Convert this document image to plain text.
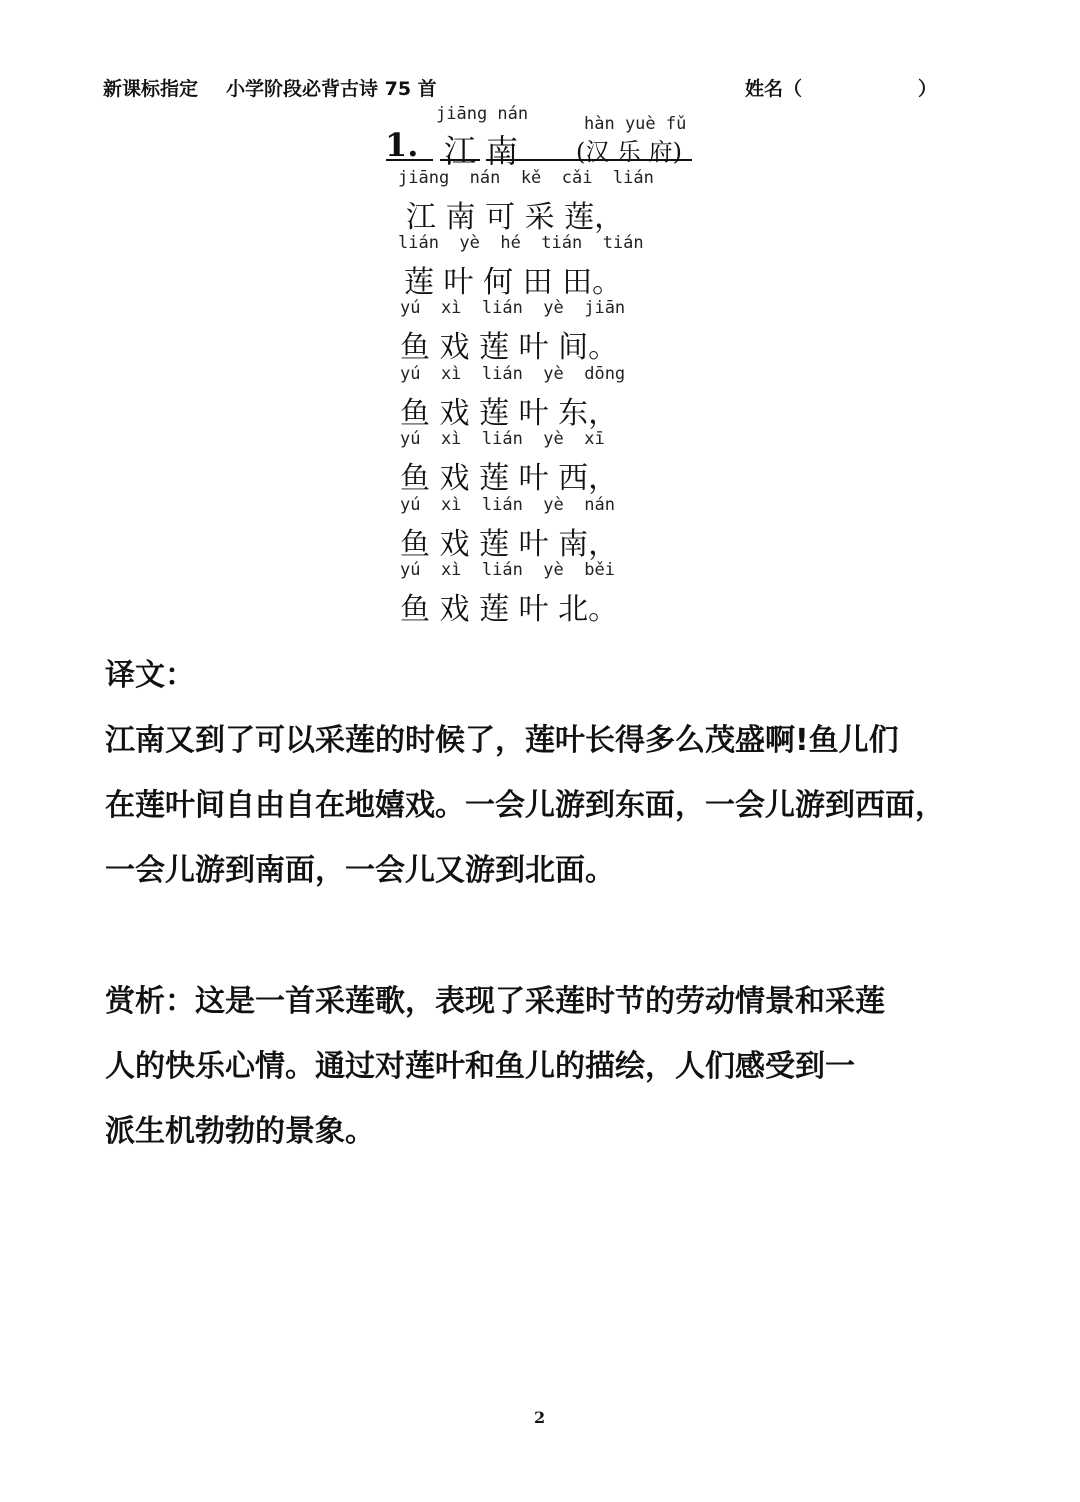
新课标指定 小学阶段必背古诗 75 首	姓名（	）
jiāng nán	hàn yuè fǔ
1. 江 南 (汉 乐 府)
jiāng  nán  kě  cǎi  lián
江 南 可 采 莲，
lián  yè  hé  tián  tián
莲 叶 何 田 田。
yú  xì  lián  yè  jiān
鱼 戏 莲 叶 间。
yú  xì  lián  yè  dōng
鱼 戏 莲 叶 东，
yú  xì  lián  yè  xī
鱼 戏 莲 叶 西，
yú  xì  lián  yè  nán
鱼 戏 莲 叶 南，
yú  xì  lián  yè  běi
鱼 戏 莲 叶 北。
译文：
江南又到了可以采莲的时候了，莲叶长得多么茂盛啊!鱼儿们
在莲叶间自由自在地嬉戏。一会儿游到东面，一会儿游到西面，
一会儿游到南面，一会儿又游到北面。
赏析：这是一首采莲歌，表现了采莲时节的劳动情景和采莲
人的快乐心情。通过对莲叶和鱼儿的描绘，人们感受到一
派生机勃勃的景象。
2
